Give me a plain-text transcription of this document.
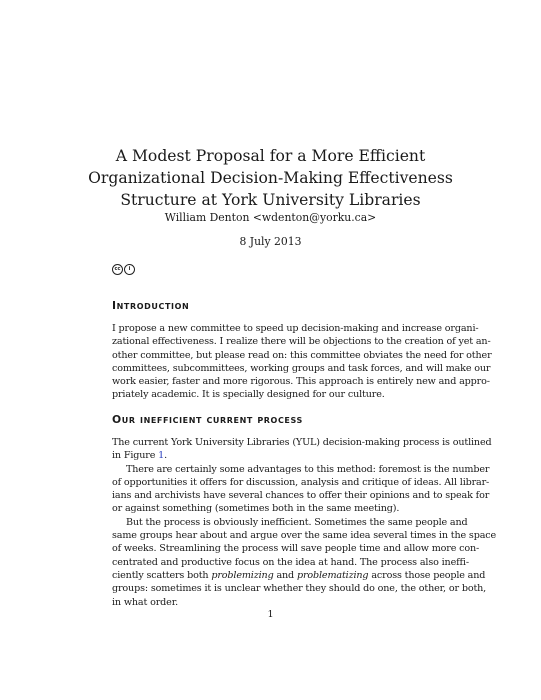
A Modest Proposal for a More Efficient
Organizational Decision-Making Effectiveness
Structure at York University Libraries
William Denton <wdenton@yorku.ca>
8 July 2013
cc	i
Introduction

I propose a new committee to speed up decision-making and increase organi-
zational effectiveness. I realize there will be objections to the creation of yet an-
other committee, but please read on: this committee obviates the need for other
committees, subcommittees, working groups and task forces, and will make our
work easier, faster and more rigorous. This approach is entirely new and appro-
priately academic. It is specially designed for our culture.

Our inefficient current process

The current York University Libraries (YUL) decision-making process is outlined
in Figure 1.

There are certainly some advantages to this method: foremost is the number
of opportunities it offers for discussion, analysis and critique of ideas. All librar-
ians and archivists have several chances to offer their opinions and to speak for
or against something (sometimes both in the same meeting).

But the process is obviously inefficient. Sometimes the same people and
same groups hear about and argue over the same idea several times in the space
of weeks. Streamlining the process will save people time and allow more con-
centrated and productive focus on the idea at hand. The process also ineffi-
ciently scatters both problemizing and problematizing across those people and
groups: sometimes it is unclear whether they should do one, the other, or both,
in what order.

1
